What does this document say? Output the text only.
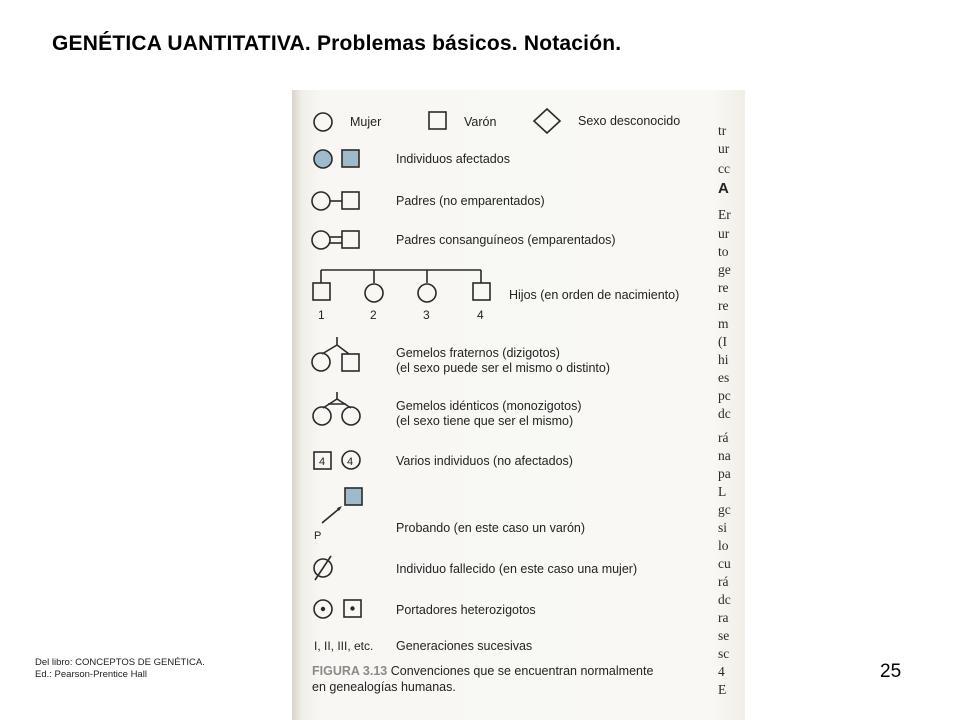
GENÉTICA UANTITATIVA. Problemas básicos. Notación.
Mujer	Varón	Sexo desconocido
Individuos afectados
Padres (no emparentados)
Padres consanguíneos (emparentados)
Hijos (en orden de nacimiento)
1	2	3	4
Gemelos fraternos (dizigotos)
(el sexo puede ser el mismo o distinto)
Gemelos idénticos (monozigotos)
(el sexo tiene que ser el mismo)
4 4	Varios individuos (no afectados)
P
Probando (en este caso un varón)
Individuo fallecido (en este caso una mujer)
Portadores heterozigotos
I, II, III, etc. Generaciones sucesivas
FIGURA 3.13 Convenciones que se encuentran normalmente
en genealogías humanas.
tr
ur
cc
A
Er
ur
to
ge
re
re
m
(I
hi
es
pc
dc
rá
na
pa
L
gc
si
lo
cu
rá
dc
ra
se
sc
4
E
Del libro: CONCEPTOS DE GENÉTICA.
Ed.: Pearson-Prentice Hall	25
